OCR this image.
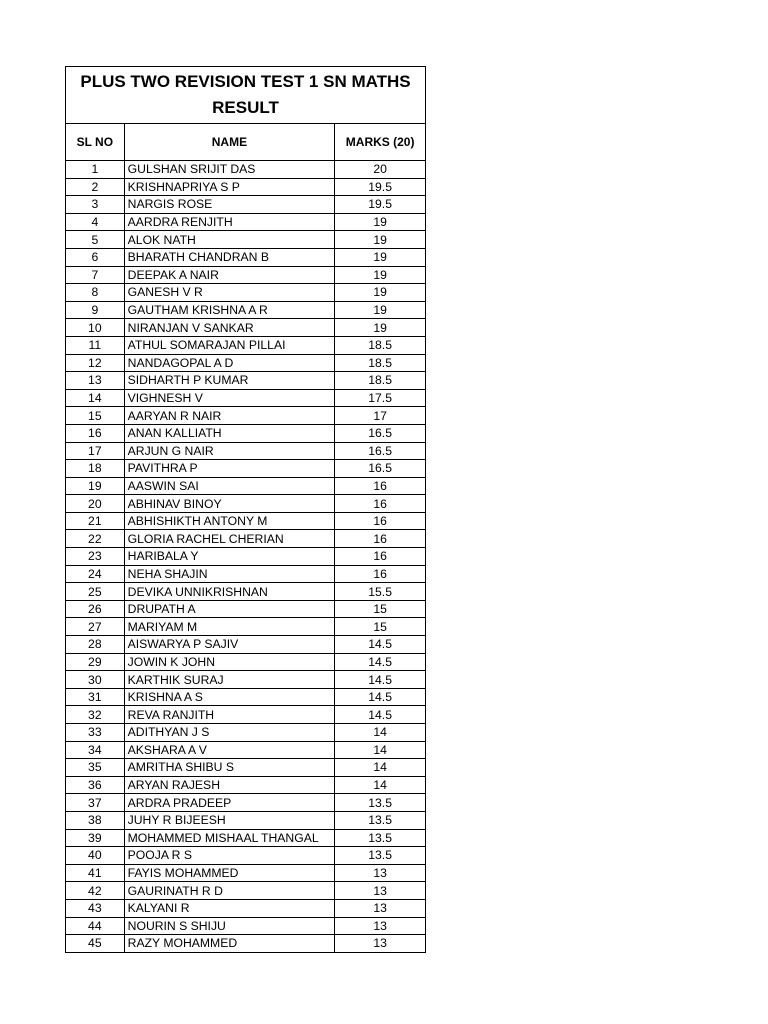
PLUS TWO REVISION TEST 1 SN MATHS RESULT
SL NO	NAME	MARKS (20)
1	GULSHAN SRIJIT DAS	20
2	KRISHNAPRIYA S P	19.5
3	NARGIS ROSE	19.5
4	AARDRA RENJITH	19
5	ALOK NATH	19
6	BHARATH CHANDRAN B	19
7	DEEPAK A NAIR	19
8	GANESH V R	19
9	GAUTHAM KRISHNA A R	19
10	NIRANJAN V SANKAR	19
11	ATHUL SOMARAJAN PILLAI	18.5
12	NANDAGOPAL A D	18.5
13	SIDHARTH P KUMAR	18.5
14	VIGHNESH V	17.5
15	AARYAN R NAIR	17
16	ANAN KALLIATH	16.5
17	ARJUN G NAIR	16.5
18	PAVITHRA P	16.5
19	AASWIN SAI	16
20	ABHINAV BINOY	16
21	ABHISHIKTH ANTONY M	16
22	GLORIA RACHEL CHERIAN	16
23	HARIBALA Y	16
24	NEHA SHAJIN	16
25	DEVIKA UNNIKRISHNAN	15.5
26	DRUPATH A	15
27	MARIYAM M	15
28	AISWARYA P SAJIV	14.5
29	JOWIN K JOHN	14.5
30	KARTHIK SURAJ	14.5
31	KRISHNA A S	14.5
32	REVA RANJITH	14.5
33	ADITHYAN J S	14
34	AKSHARA A V	14
35	AMRITHA SHIBU S	14
36	ARYAN RAJESH	14
37	ARDRA PRADEEP	13.5
38	JUHY R BIJEESH	13.5
39	MOHAMMED MISHAAL THANGAL	13.5
40	POOJA R S	13.5
41	FAYIS MOHAMMED	13
42	GAURINATH R D	13
43	KALYANI R	13
44	NOURIN S SHIJU	13
45	RAZY MOHAMMED	13
